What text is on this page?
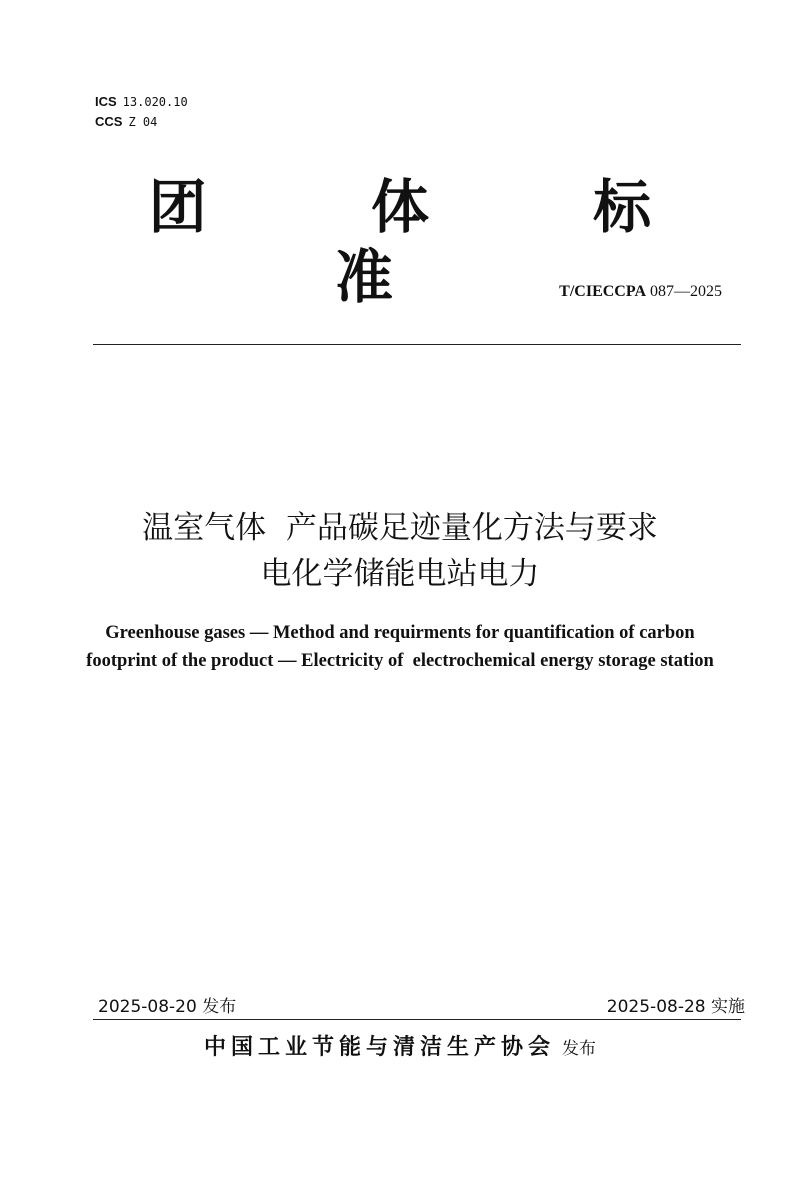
ICS 13.020.10
CCS Z 04
团 体 标 准	T/CIECCPA 087—2025
温室气体  产品碳足迹量化方法与要求
电化学储能电站电力
Greenhouse gases — Method and requirments for quantification of carbon
footprint of the product — Electricity of  electrochemical energy storage station
2025-08-20 发布	2025-08-28 实施
中国工业节能与清洁生产协会 发布
